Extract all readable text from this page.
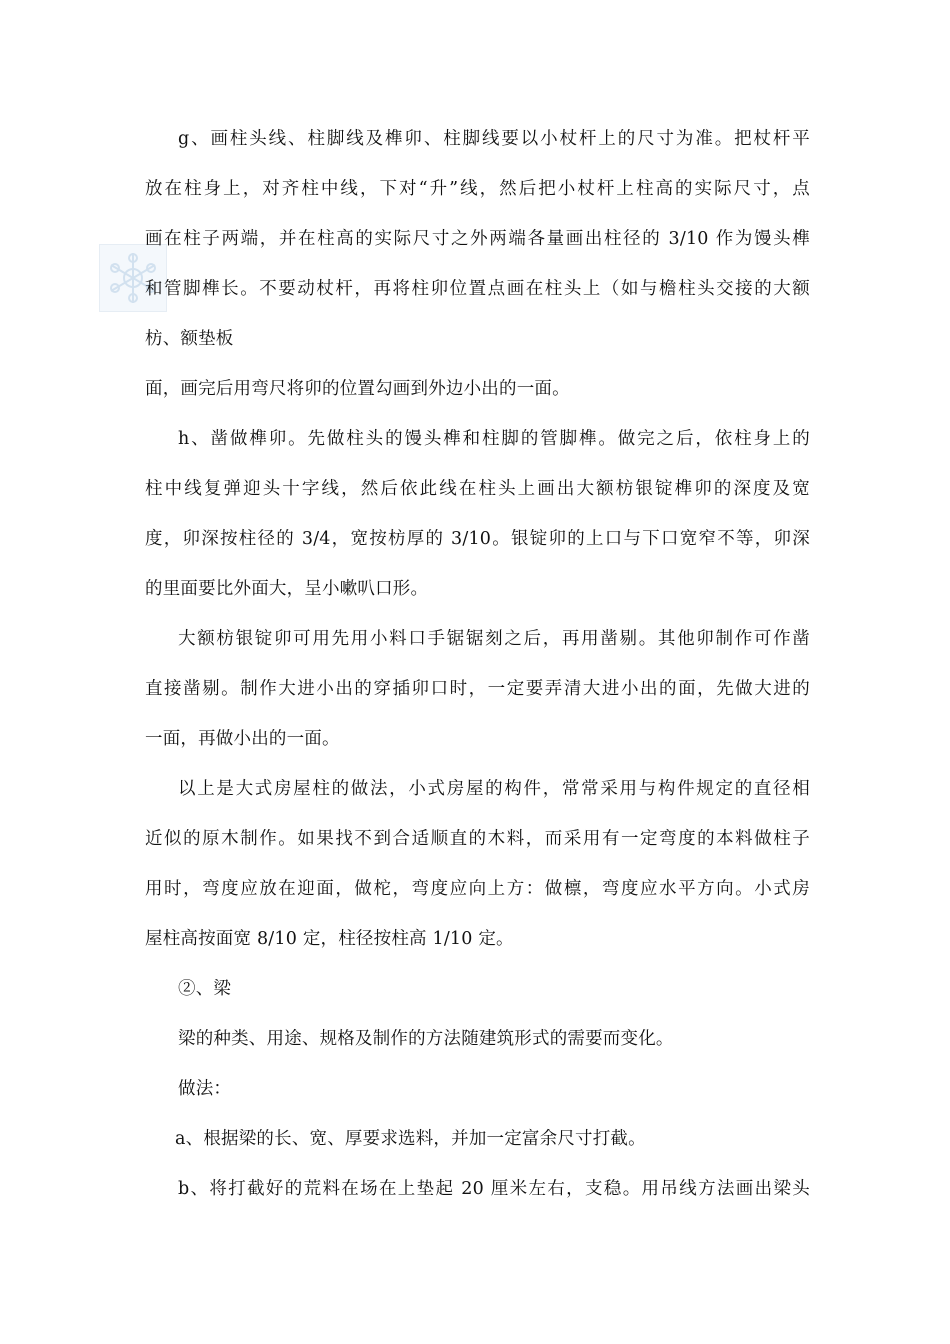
g、画柱头线、柱脚线及榫卯、柱脚线要以小杖杆上的尺寸为准。把杖杆平
放在柱身上，对齐柱中线，下对“升”线，然后把小杖杆上柱高的实际尺寸，点
画在柱子两端，并在柱高的实际尺寸之外两端各量画出柱径的 3/10 作为馒头榫
和管脚榫长。不要动杖杆，再将柱卯位置点画在柱头上（如与檐柱头交接的大额
枋、额垫板
面，画完后用弯尺将卯的位置勾画到外边小出的一面。
h、凿做榫卯。先做柱头的馒头榫和柱脚的管脚榫。做完之后，依柱身上的
柱中线复弹迎头十字线，然后依此线在柱头上画出大额枋银锭榫卯的深度及宽
度，卯深按柱径的 3/4，宽按枋厚的 3/10。银锭卯的上口与下口宽窄不等，卯深
的里面要比外面大，呈小嗽叭口形。
大额枋银锭卯可用先用小料口手锯锯刻之后，再用凿剔。其他卯制作可作凿
直接凿剔。制作大进小出的穿插卯口时，一定要弄清大进小出的面，先做大进的
一面，再做小出的一面。
以上是大式房屋柱的做法，小式房屋的构件，常常采用与构件规定的直径相
近似的原木制作。如果找不到合适顺直的木料，而采用有一定弯度的本料做柱子
用时，弯度应放在迎面，做柁，弯度应向上方：做檩，弯度应水平方向。小式房
屋柱高按面宽 8/10 定，柱径按柱高 1/10 定。
②、梁
梁的种类、用途、规格及制作的方法随建筑形式的需要而变化。
做法：
a、根据梁的长、宽、厚要求选料，并加一定富余尺寸打截。
b、将打截好的荒料在场在上垫起 20 厘米左右，支稳。用吊线方法画出梁头
